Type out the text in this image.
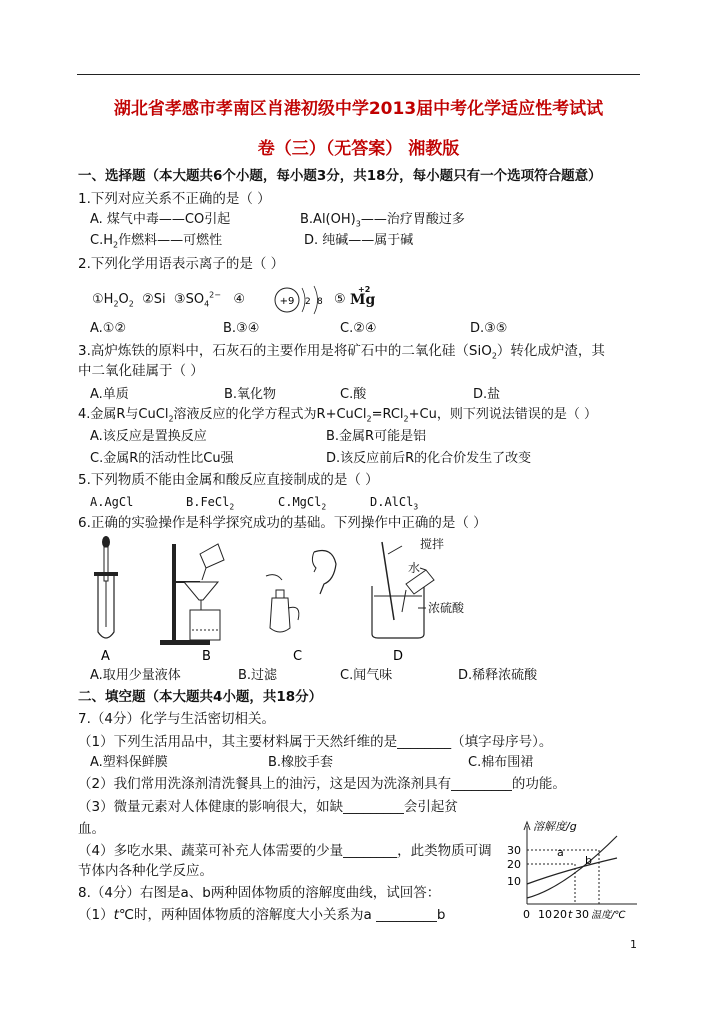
湖北省孝感市孝南区肖港初级中学2013届中考化学适应性考试试
卷（三）（无答案） 湘教版
一、选择题（本大题共6个小题，每小题3分，共18分，每小题只有一个选项符合题意）
1.下列对应关系不正确的是（ ）
A. 煤气中毒——CO引起	$B.Al(OH)_3——$治疗胃酸过多
$C.H_2$作燃料——可燃性	D. 纯碱——属于碱
2.下列化学用语表示离子的是（ ）
$①H_2O_2$ ②Si $③SO_4^{2-}$ ④	+9 2 8 ⑤
+2
Mg
A.①②	B.③④	C.②④	D.③⑤
3.高炉炼铁的原料中，石灰石的主要作用是将矿石中的二氧化硅（SiO$_2$）转化成炉渣，其
中二氧化硅属于（ ）
A.单质	B.氧化物	C.酸	D.盐
4.金属R与CuCl$_2$溶液反应的化学方程式为R+CuCl$_2$=RCl$_2$+Cu，则下列说法错误的是（ ）
A.该反应是置换反应	B.金属R可能是铝
C.金属R的活动性比Cu强	D.该反应前后R的化合价发生了改变
5.下列物质不能由金属和酸反应直接制成的是（ ）
A.AgCl	B.FeCl$_2$	C.MgCl$_2$	D.AlCl$_3$
6.正确的实验操作是科学探究成功的基础。下列操作中正确的是（ ）
A	B	C	D
搅拌
水
浓硫酸
A.取用少量液体	B.过滤	C.闻气味	D.稀释浓硫酸
二、填空题（本大题共4小题，共18分）
7.（4分）化学与生活密切相关。
（1）下列生活用品中，其主要材料属于天然纤维的是________（填字母序号）。
A.塑料保鲜膜	B.橡胶手套	C.棉布围裙
（2）我们常用洗涤剂清洗餐具上的油污，这是因为洗涤剂具有_________的功能。
（3）微量元素对人体健康的影响很大，如缺_________会引起贫
血。
（4）多吃水果、蔬菜可补充人体需要的少量________，此类物质可调
节体内各种化学反应。
8.（4分）右图是a、b两种固体物质的溶解度曲线，试回答：
（1）t℃时，两种固体物质的溶解度大小关系为a _________b
溶解度/g
30
20
10
a
b
0 10 20 t 30 温度/℃
1
